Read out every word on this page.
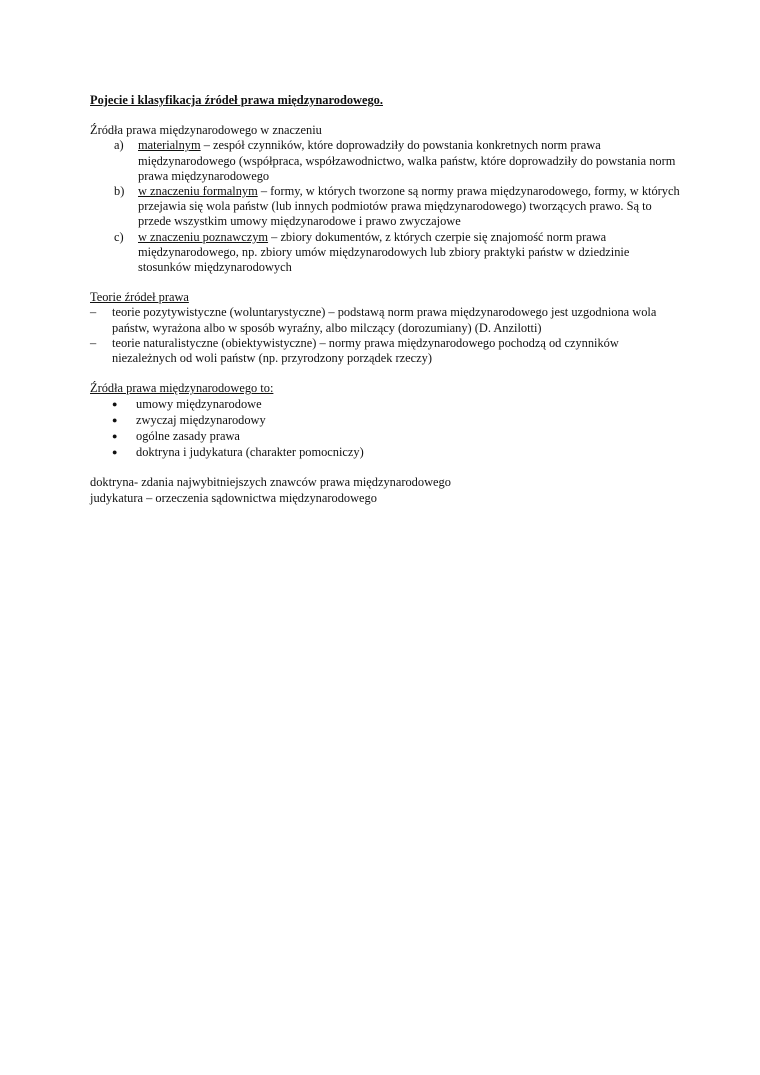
Pojecie i klasyfikacja źródeł prawa międzynarodowego.

Źródła prawa międzynarodowego w znaczeniu

a) materialnym – zespół czynników, które doprowadziły do powstania konkretnych norm prawa międzynarodowego (współpraca, współzawodnictwo, walka państw, które doprowadziły do powstania norm prawa międzynarodowego
b) w znaczeniu formalnym – formy, w których tworzone są normy prawa międzynarodowego, formy, w których przejawia się wola państw (lub innych podmiotów prawa międzynarodowego) tworzących prawo. Są to przede wszystkim umowy międzynarodowe i prawo zwyczajowe
c) w znaczeniu poznawczym – zbiory dokumentów, z których czerpie się znajomość norm prawa międzynarodowego, np. zbiory umów międzynarodowych lub zbiory praktyki państw w dziedzinie stosunków międzynarodowych

Teorie źródeł prawa

– teorie pozytywistyczne (woluntarystyczne) – podstawą norm prawa międzynarodowego jest uzgodniona wola państw, wyrażona albo w sposób wyraźny, albo milczący (dorozumiany) (D. Anzilotti)
– teorie naturalistyczne (obiektywistyczne) – normy prawa międzynarodowego pochodzą od czynników niezależnych od woli państw (np. przyrodzony porządek rzeczy)

Źródła prawa międzynarodowego to:

● umowy międzynarodowe
● zwyczaj międzynarodowy
● ogólne zasady prawa
● doktryna i judykatura (charakter pomocniczy)

doktryna- zdania najwybitniejszych znawców prawa międzynarodowego

judykatura – orzeczenia sądownictwa międzynarodowego
